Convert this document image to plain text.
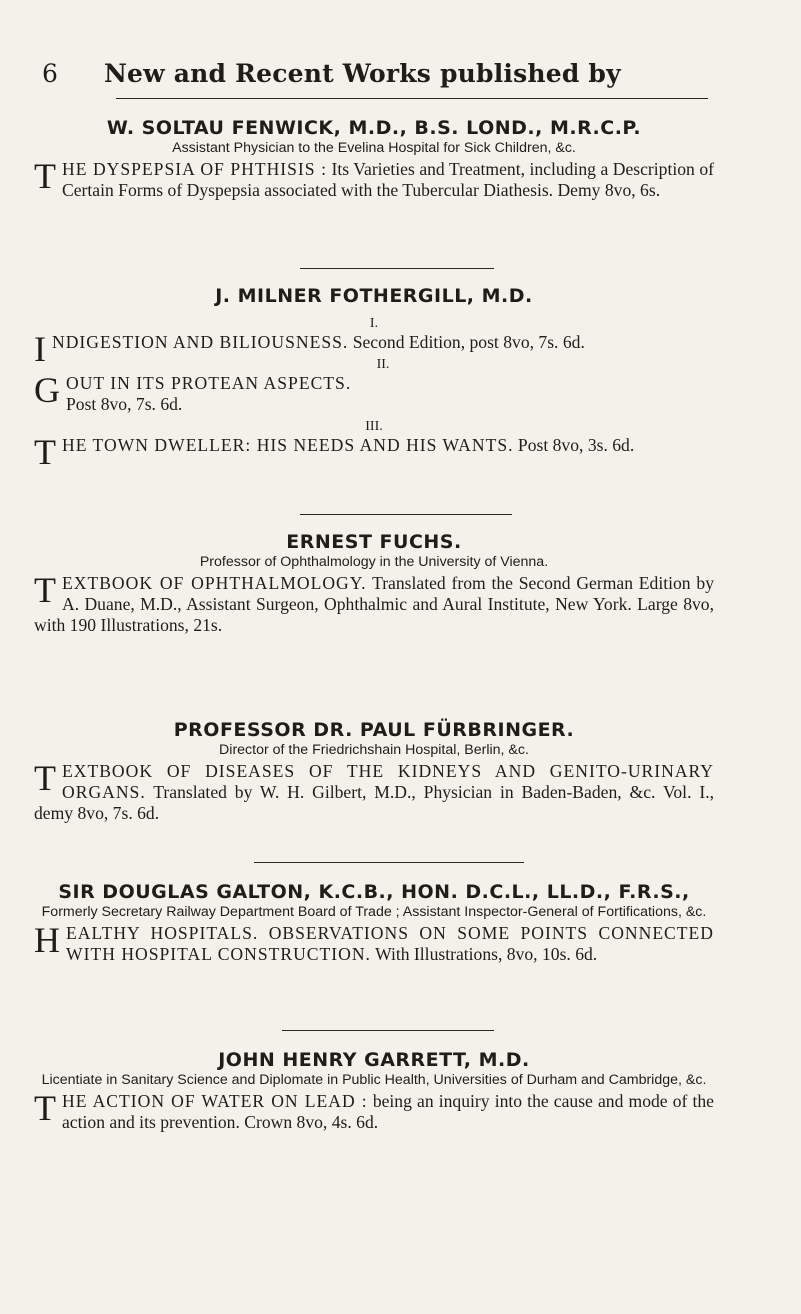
6 New and Recent Works published by

W. SOLTAU FENWICK, M.D., B.S. LOND., M.R.C.P.

Assistant Physician to the Evelina Hospital for Sick Children, &c.

THE DYSPEPSIA OF PHTHISIS : Its Varieties and Treatment, including a Description of Certain Forms of Dyspepsia associated with the Tubercular Diathesis. Demy 8vo, 6s.

J. MILNER FOTHERGILL, M.D.

I.

INDIGESTION AND BILIOUSNESS. Second Edition, post 8vo, 7s. 6d.

II.

GOUT IN ITS PROTEAN ASPECTS.
Post 8vo, 7s. 6d.

III.

THE TOWN DWELLER: HIS NEEDS AND HIS WANTS. Post 8vo, 3s. 6d.

ERNEST FUCHS.

Professor of Ophthalmology in the University of Vienna.

TEXTBOOK OF OPHTHALMOLOGY. Translated from the Second German Edition by A. Duane, M.D., Assistant Surgeon, Ophthalmic and Aural Institute, New York. Large 8vo, with 190 Illustrations, 21s.

PROFESSOR DR. PAUL FÜRBRINGER.

Director of the Friedrichshain Hospital, Berlin, &c.

TEXTBOOK OF DISEASES OF THE KIDNEYS AND GENITO-URINARY ORGANS. Translated by W. H. Gilbert, M.D., Physician in Baden-Baden, &c. Vol. I., demy 8vo, 7s. 6d.

SIR DOUGLAS GALTON, K.C.B., HON. D.C.L., LL.D., F.R.S.,

Formerly Secretary Railway Department Board of Trade ; Assistant Inspector-General of Fortifications, &c.

HEALTHY HOSPITALS. OBSERVATIONS ON SOME POINTS CONNECTED WITH HOSPITAL CONSTRUCTION. With Illustrations, 8vo, 10s. 6d.

JOHN HENRY GARRETT, M.D.

Licentiate in Sanitary Science and Diplomate in Public Health, Universities of Durham and Cambridge, &c.

THE ACTION OF WATER ON LEAD : being an inquiry into the cause and mode of the action and its prevention. Crown 8vo, 4s. 6d.
